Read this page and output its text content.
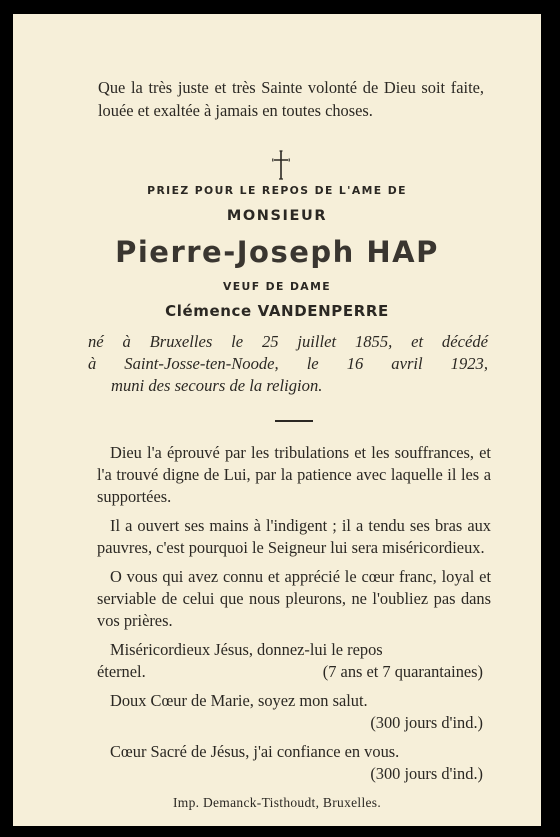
Que la très juste et très Sainte volonté de Dieu soit faite, louée et exaltée à jamais en toutes choses.
PRIEZ POUR LE REPOS DE L'AME DE
MONSIEUR
Pierre-Joseph HAP
VEUF DE DAME
Clémence VANDENPERRE
né à Bruxelles le 25 juillet 1855, et décédé
à Saint-Josse-ten-Noode, le 16 avril 1923,
muni des secours de la religion.
Dieu l'a éprouvé par les tribulations et les souffrances, et l'a trouvé digne de Lui, par la patience avec laquelle il les a supportées.
Il a ouvert ses mains à l'indigent ; il a tendu ses bras aux pauvres, c'est pourquoi le Seigneur lui sera miséricordieux.
O vous qui avez connu et apprécié le cœur franc, loyal et serviable de celui que nous pleurons, ne l'oubliez pas dans vos prières.
Miséricordieux Jésus, donnez-lui le repos
éternel.	(7 ans et 7 quarantaines)
Doux Cœur de Marie, soyez mon salut.
(300 jours d'ind.)
Cœur Sacré de Jésus, j'ai confiance en vous.
(300 jours d'ind.)
Imp. Demanck-Tisthoudt, Bruxelles.
